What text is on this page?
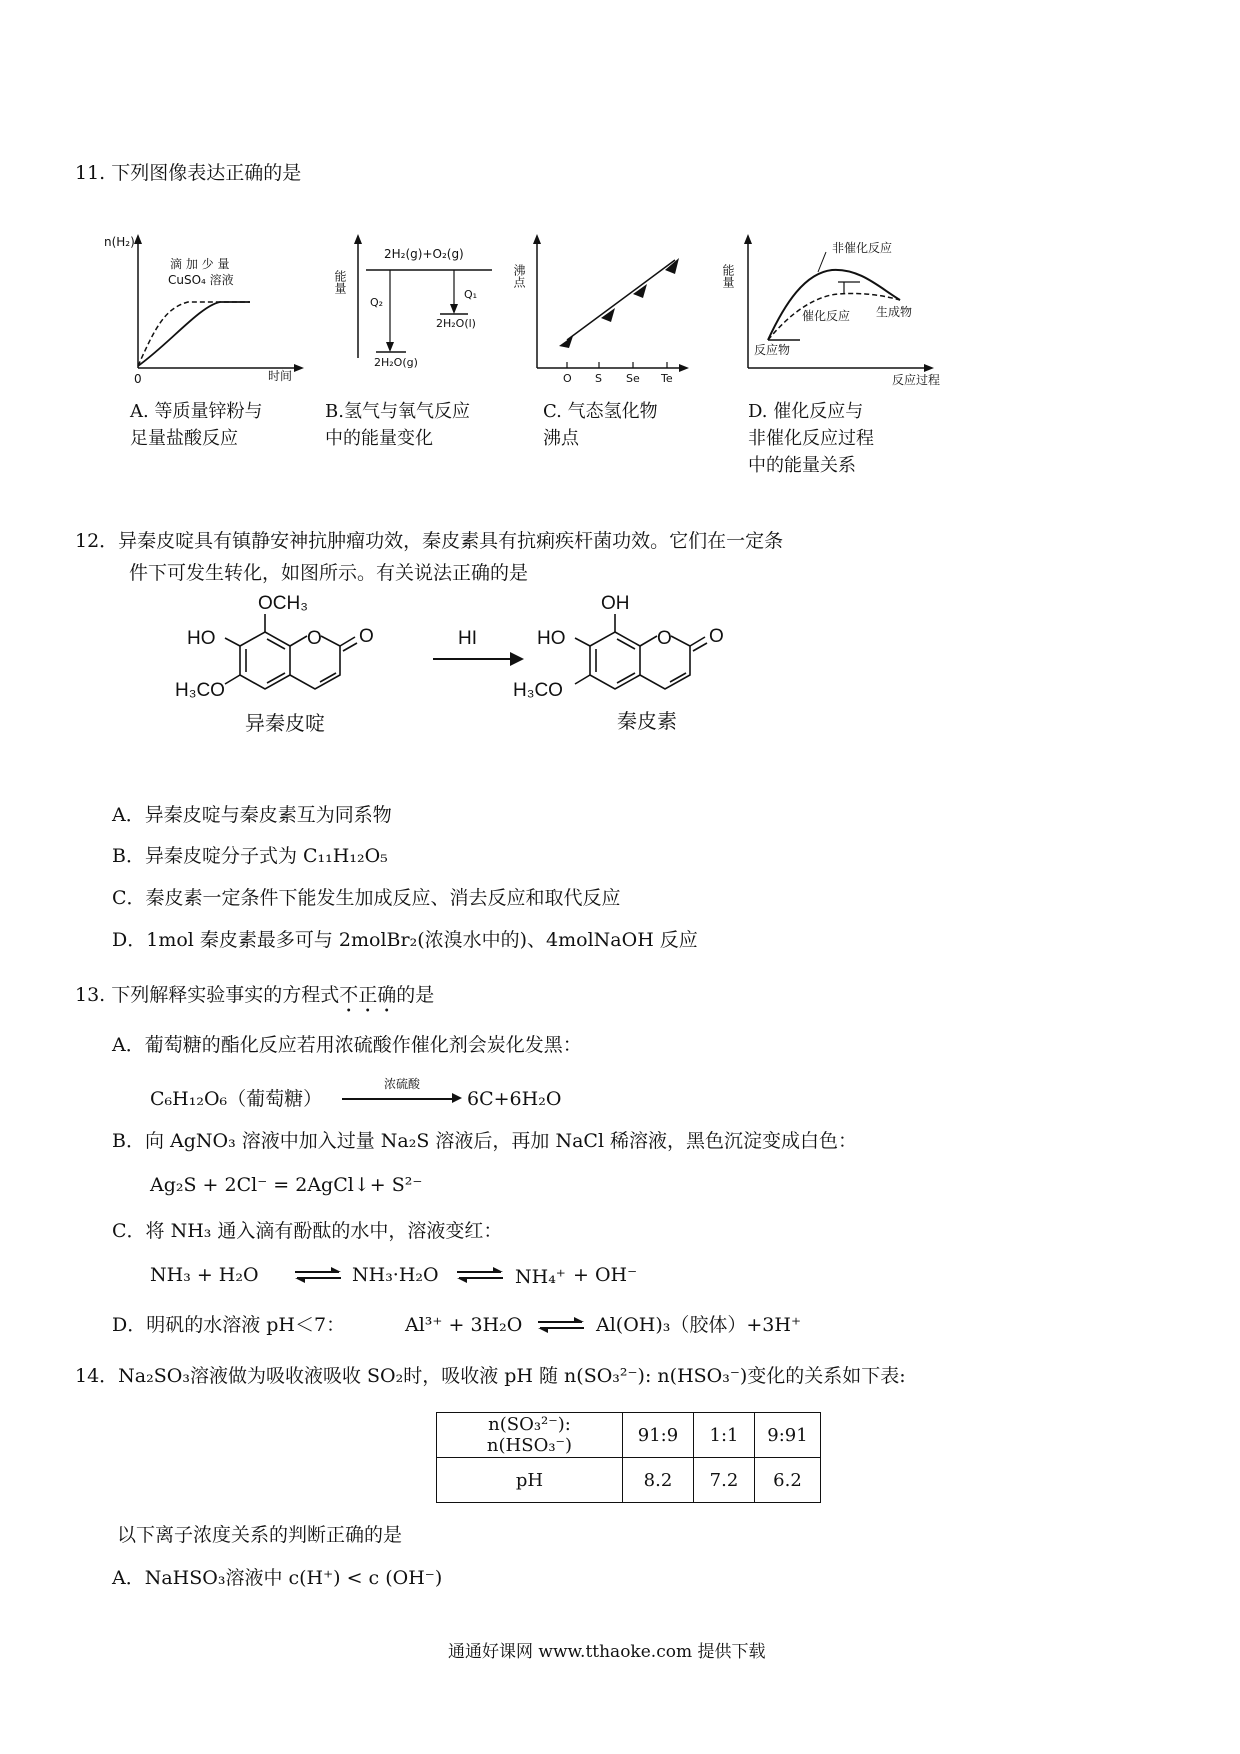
11. 下列图像表达正确的是
n(H₂)
0	时间
滴 加 少 量
CuSO₄ 溶液	能量
2H₂(g)+O₂(g)
Q₂
Q₁
2H₂O(l)
2H₂O(g)
沸点
O S Se Te
能量
非催化反应
催化反应 生成物
反应物
反应过程
A. 等质量锌粉与
足量盐酸反应
B.氢气与氧气反应
中的能量变化
C. 气态氢化物
沸点
D. 催化反应与
非催化反应过程
中的能量关系
12．异秦皮啶具有镇静安神抗肿瘤功效，秦皮素具有抗痢疾杆菌功效。它们在一定条
件下可发生转化，如图所示。有关说法正确的是
OCH₃
HO	O O
H₃CO
异秦皮啶
HI
OH
HO	O O
H₃CO
秦皮素
A．异秦皮啶与秦皮素互为同系物
B．异秦皮啶分子式为 C₁₁H₁₂O₅
C．秦皮素一定条件下能发生加成反应、消去反应和取代反应
D．1mol 秦皮素最多可与 2molBr₂(浓溴水中的)、4molNaOH 反应
13. 下列解释实验事实的方程式不正确的是
A．葡萄糖的酯化反应若用浓硫酸作催化剂会炭化发黑：
C₆H₁₂O₆（葡萄糖）
浓硫酸
6C+6H₂O
B．向 AgNO₃ 溶液中加入过量 Na₂S 溶液后，再加 NaCl 稀溶液，黑色沉淀变成白色：
Ag₂S + 2Cl⁻ = 2AgCl↓+ S²⁻
C．将 NH₃ 通入滴有酚酞的水中，溶液变红：
NH₃ + H₂O ⇌ NH₃·H₂O ⇌ NH₄⁺ + OH⁻
D．明矾的水溶液 pH＜7：	Al³⁺ + 3H₂O ⇌ Al(OH)₃（胶体）+3H⁺
14．Na₂SO₃溶液做为吸收液吸收 SO₂时，吸收液 pH 随 n(SO₃²⁻): n(HSO₃⁻)变化的关系如下表:
n(SO₃²⁻): n(HSO₃⁻)	91:9	1:1	9:91
pH	8.2	7.2	6.2
以下离子浓度关系的判断正确的是
A．NaHSO₃溶液中 c(H⁺) < c (OH⁻)
通通好课网 www.tthaoke.com 提供下载
